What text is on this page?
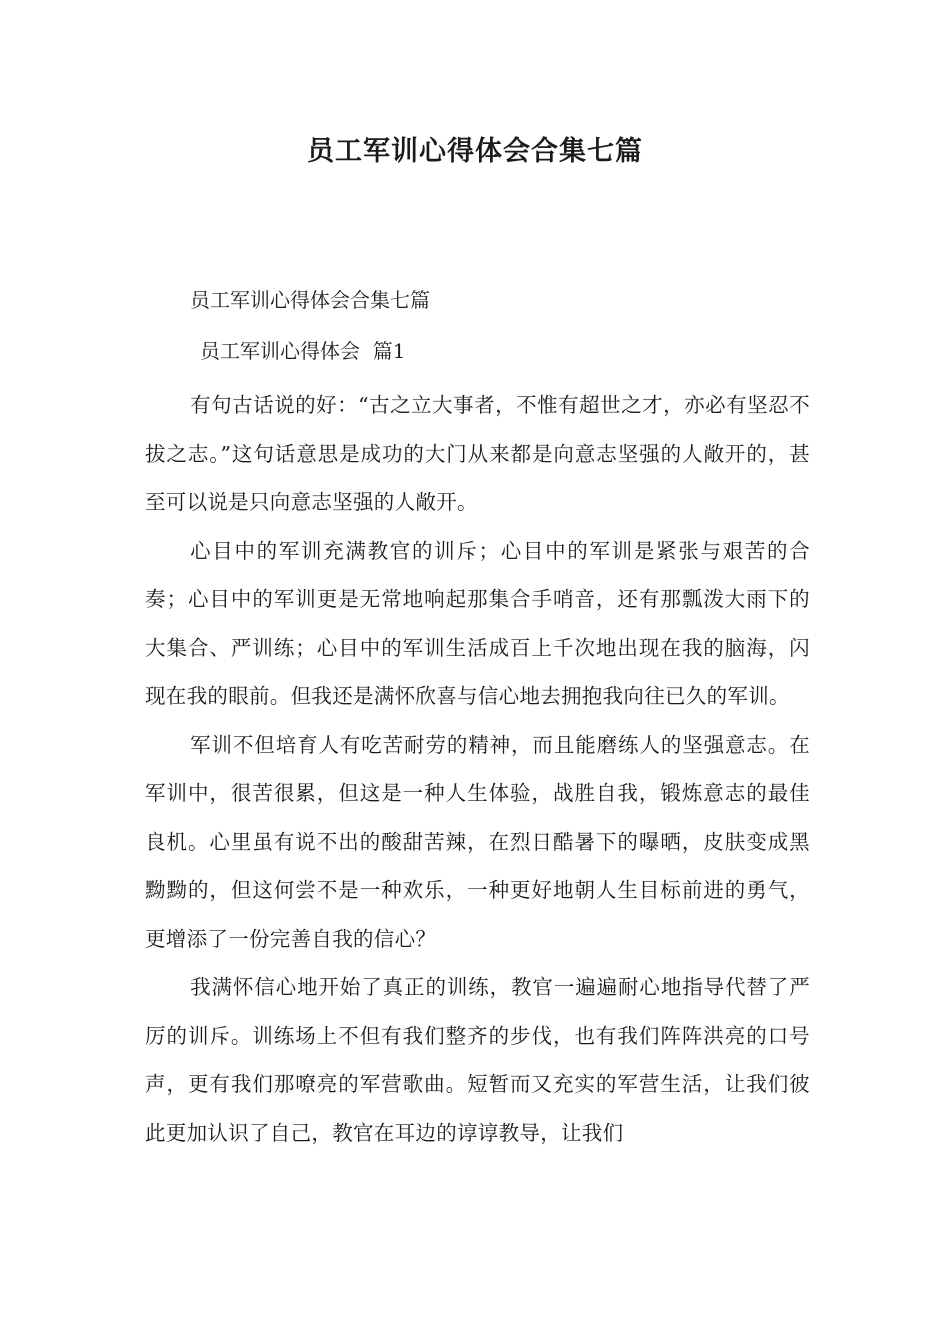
员工军训心得体会合集七篇
员工军训心得体会合集七篇
员工军训心得体会  篇1

有句古话说的好：“古之立大事者，不惟有超世之才，亦必有坚忍不拔之志。”这句话意思是成功的大门从来都是向意志坚强的人敞开的，甚至可以说是只向意志坚强的人敞开。

心目中的军训充满教官的训斥；心目中的军训是紧张与艰苦的合奏；心目中的军训更是无常地响起那集合手哨音，还有那瓢泼大雨下的大集合、严训练；心目中的军训生活成百上千次地出现在我的脑海，闪现在我的眼前。但我还是满怀欣喜与信心地去拥抱我向往已久的军训。

军训不但培育人有吃苦耐劳的精神，而且能磨练人的坚强意志。在军训中，很苦很累，但这是一种人生体验，战胜自我，锻炼意志的最佳良机。心里虽有说不出的酸甜苦辣，在烈日酷暑下的曝晒，皮肤变成黑黝黝的，但这何尝不是一种欢乐，一种更好地朝人生目标前进的勇气，更增添了一份完善自我的信心？

我满怀信心地开始了真正的训练，教官一遍遍耐心地指导代替了严厉的训斥。训练场上不但有我们整齐的步伐，也有我们阵阵洪亮的口号声，更有我们那嘹亮的军营歌曲。短暂而又充实的军营生活，让我们彼此更加认识了自己，教官在耳边的谆谆教导，让我们
